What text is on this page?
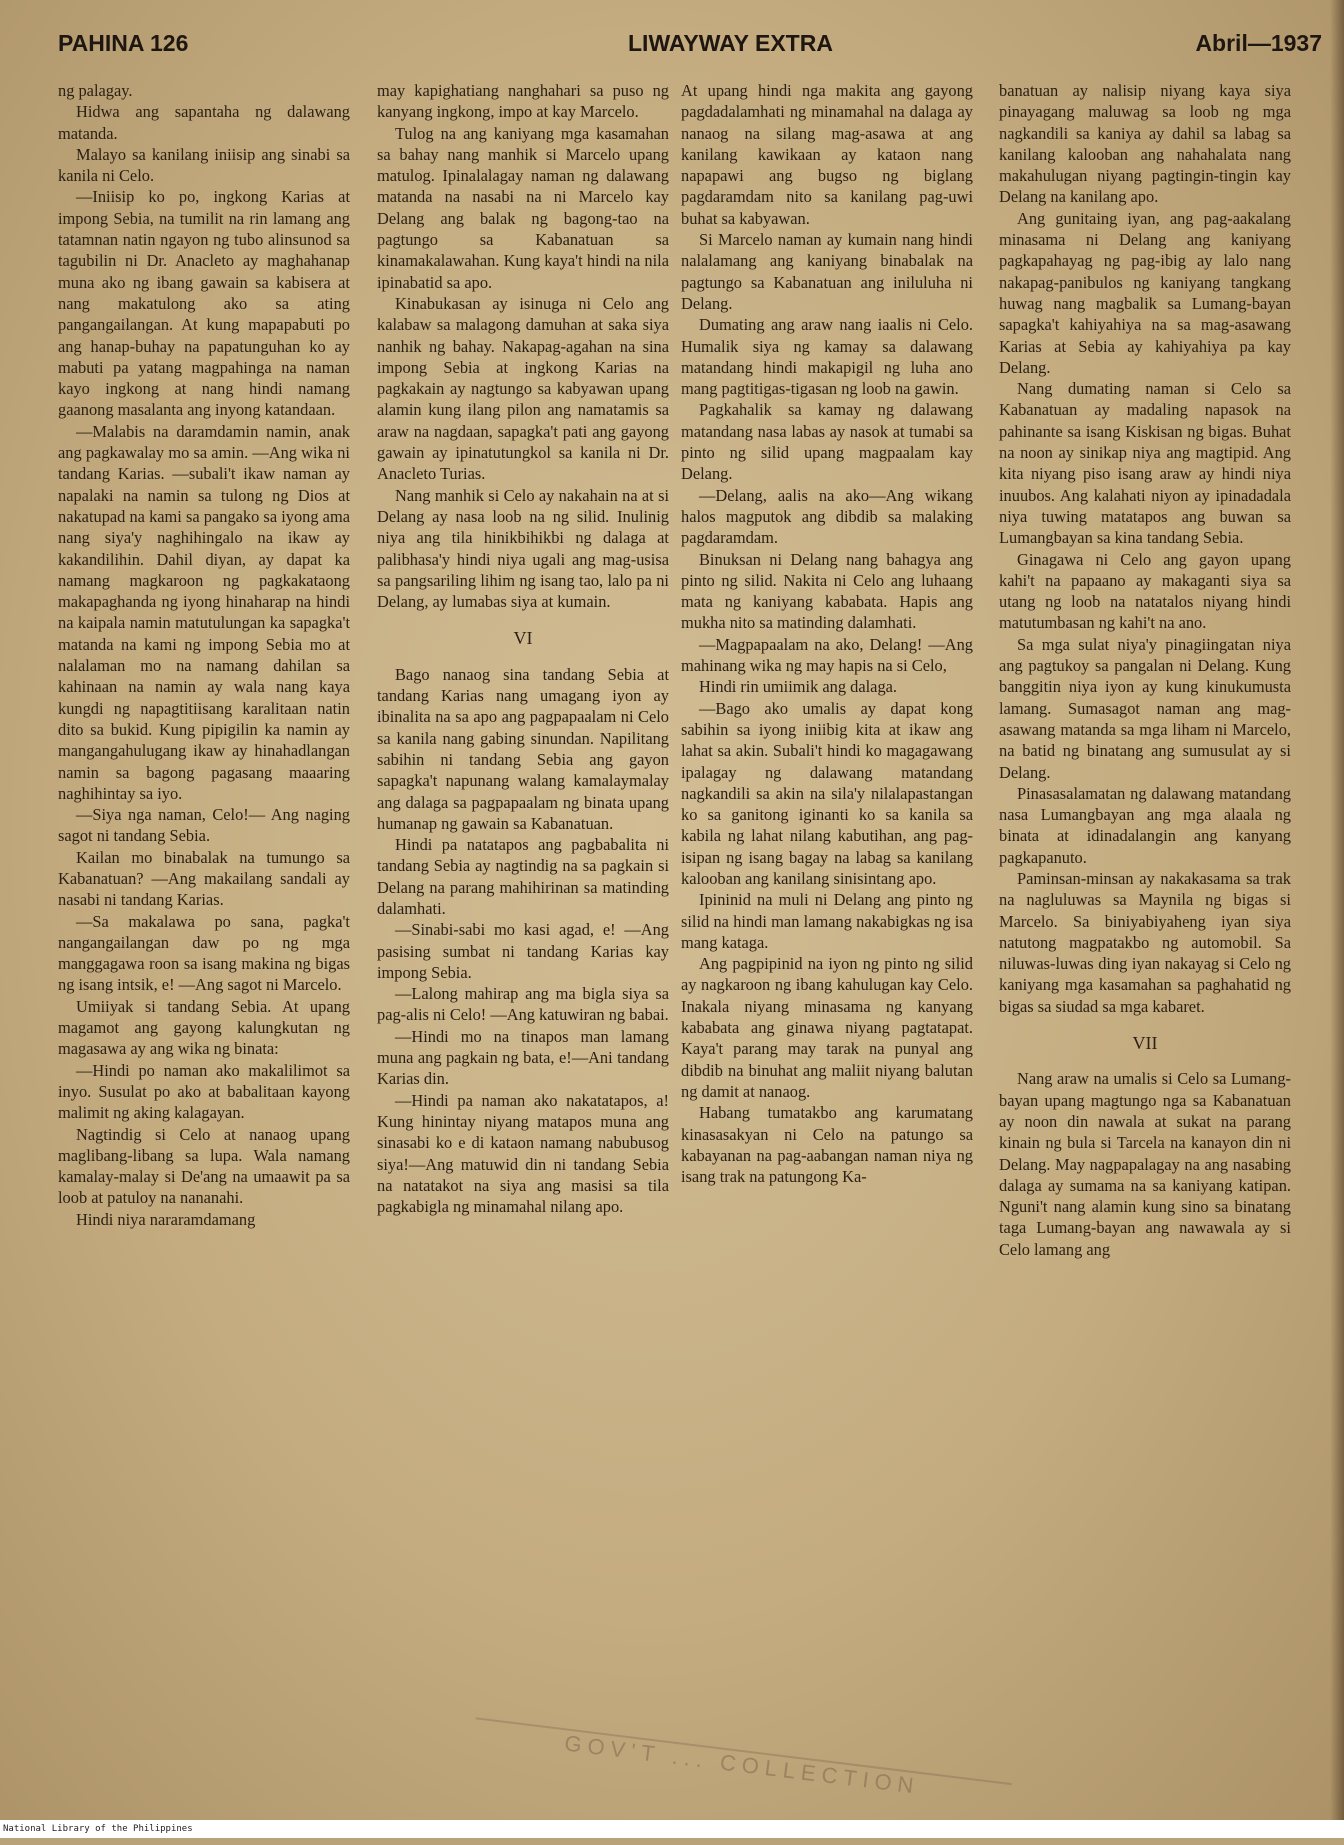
PAHINA 126	LIWAYWAY EXTRA	Abril—1937

ng palagay.

Hidwa ang sapantaha ng dalawang matanda.

Malayo sa kanilang iniisip ang sinabi sa kanila ni Celo.

—Iniisip ko po, ingkong Karias at impong Sebia, na tumilit na rin lamang ang tatamnan natin ngayon ng tubo alinsunod sa tagubilin ni Dr. Anacleto ay maghahanap muna ako ng ibang gawain sa kabisera at nang makatulong ako sa ating pangangailangan. At kung mapapabuti po ang hanap-buhay na papatunguhan ko ay mabuti pa yatang magpahinga na naman kayo ingkong at nang hindi namang gaanong masalanta ang inyong katandaan.

—Malabis na daramdamin namin, anak ang pagkawalay mo sa amin. —Ang wika ni tandang Karias. —subali't ikaw naman ay napalaki na namin sa tulong ng Dios at nakatupad na kami sa pangako sa iyong ama nang siya'y naghihingalo na ikaw ay kakandilihin. Dahil diyan, ay dapat ka namang magkaroon ng pagkakataong makapaghanda ng iyong hinaharap na hindi na kaipala namin matutulungan ka sapagka't matanda na kami ng impong Sebia mo at nalalaman mo na namang dahilan sa kahinaan na namin ay wala nang kaya kungdi ng napagtitiisang karalitaan natin dito sa bukid. Kung pipigilin ka namin ay mangangahulugang ikaw ay hinahadlangan namin sa bagong pagasang maaaring naghihintay sa iyo.

—Siya nga naman, Celo!— Ang naging sagot ni tandang Sebia.

Kailan mo binabalak na tumungo sa Kabanatuan? —Ang makailang sandali ay nasabi ni tandang Karias.

—Sa makalawa po sana, pagka't nangangailangan daw po ng mga manggagawa roon sa isang makina ng bigas ng isang intsik, e! —Ang sagot ni Marcelo.

Umiiyak si tandang Sebia. At upang magamot ang gayong kalungkutan ng magasawa ay ang wika ng binata:

—Hindi po naman ako makalilimot sa inyo. Susulat po ako at babalitaan kayong malimit ng aking kalagayan.

Nagtindig si Celo at nanaog upang maglibang-libang sa lupa. Wala namang kamalay-malay si De'ang na umaawit pa sa loob at patuloy na nananahi.

Hindi niya nararamdamang

may kapighatiang nanghahari sa puso ng kanyang ingkong, impo at kay Marcelo.

Tulog na ang kaniyang mga kasamahan sa bahay nang manhik si Marcelo upang matulog. Ipinalalagay naman ng dalawang matanda na nasabi na ni Marcelo kay Delang ang balak ng bagong-tao na pagtungo sa Kabanatuan sa kinamakalawahan. Kung kaya't hindi na nila ipinabatid sa apo.

Kinabukasan ay isinuga ni Celo ang kalabaw sa malagong damuhan at saka siya nanhik ng bahay. Nakapag-agahan na sina impong Sebia at ingkong Karias na pagkakain ay nagtungo sa kabyawan upang alamin kung ilang pilon ang namatamis sa araw na nagdaan, sapagka't pati ang gayong gawain ay ipinatutungkol sa kanila ni Dr. Anacleto Turias.

Nang manhik si Celo ay nakahain na at si Delang ay nasa loob na ng silid. Inulinig niya ang tila hinikbihikbi ng dalaga at palibhasa'y hindi niya ugali ang mag-usisa sa pangsariling lihim ng isang tao, lalo pa ni Delang, ay lumabas siya at kumain.

VI

Bago nanaog sina tandang Sebia at tandang Karias nang umagang iyon ay ibinalita na sa apo ang pagpapaalam ni Celo sa kanila nang gabing sinundan. Napilitang sabihin ni tandang Sebia ang gayon sapagka't napunang walang kamalaymalay ang dalaga sa pagpapaalam ng binata upang humanap ng gawain sa Kabanatuan.

Hindi pa natatapos ang pagbabalita ni tandang Sebia ay nagtindig na sa pagkain si Delang na parang mahihirinan sa matinding dalamhati.

—Sinabi-sabi mo kasi agad, e! —Ang pasising sumbat ni tandang Karias kay impong Sebia.

—Lalong mahirap ang ma bigla siya sa pag-alis ni Celo! —Ang katuwiran ng babai.

—Hindi mo na tinapos man lamang muna ang pagkain ng bata, e!—Ani tandang Karias din.

—Hindi pa naman ako nakatatapos, a! Kung hinintay niyang matapos muna ang sinasabi ko e di kataon namang nabubusog siya!—Ang matuwid din ni tandang Sebia na natatakot na siya ang masisi sa tila pagkabigla ng minamahal nilang apo.

At upang hindi nga makita ang gayong pagdadalamhati ng minamahal na dalaga ay nanaog na silang mag-asawa at ang kanilang kawikaan ay kataon nang napapawi ang bugso ng biglang pagdaramdam nito sa kanilang pag-uwi buhat sa kabyawan.

Si Marcelo naman ay kumain nang hindi nalalamang ang kaniyang binabalak na pagtungo sa Kabanatuan ang iniluluha ni Delang.

Dumating ang araw nang iaalis ni Celo. Humalik siya ng kamay sa dalawang matandang hindi makapigil ng luha ano mang pagtitigas-tigasan ng loob na gawin.

Pagkahalik sa kamay ng dalawang matandang nasa labas ay nasok at tumabi sa pinto ng silid upang magpaalam kay Delang.

—Delang, aalis na ako—Ang wikang halos magputok ang dibdib sa malaking pagdaramdam.

Binuksan ni Delang nang bahagya ang pinto ng silid. Nakita ni Celo ang luhaang mata ng kaniyang kababata. Hapis ang mukha nito sa matinding dalamhati.

—Magpapaalam na ako, Delang! —Ang mahinang wika ng may hapis na si Celo,

Hindi rin umiimik ang dalaga.

—Bago ako umalis ay dapat kong sabihin sa iyong iniibig kita at ikaw ang lahat sa akin. Subali't hindi ko magagawang ipalagay ng dalawang matandang nagkandili sa akin na sila'y nilalapastangan ko sa ganitong iginanti ko sa kanila sa kabila ng lahat nilang kabutihan, ang pag-isipan ng isang bagay na labag sa kanilang kalooban ang kanilang sinisintang apo.

Ipininid na muli ni Delang ang pinto ng silid na hindi man lamang nakabigkas ng isa mang kataga.

Ang pagpipinid na iyon ng pinto ng silid ay nagkaroon ng ibang kahulugan kay Celo. Inakala niyang minasama ng kanyang kababata ang ginawa niyang pagtatapat. Kaya't parang may tarak na punyal ang dibdib na binuhat ang maliit niyang balutan ng damit at nanaog.

Habang tumatakbo ang karumatang kinasasakyan ni Celo na patungo sa kabayanan na pag-aabangan naman niya ng isang trak na patungong Ka-

banatuan ay nalisip niyang kaya siya pinayagang maluwag sa loob ng mga nagkandili sa kaniya ay dahil sa labag sa kanilang kalooban ang nahahalata nang makahulugan niyang pagtingin-tingin kay Delang na kanilang apo.

Ang gunitaing iyan, ang pag-aakalang minasama ni Delang ang kaniyang pagkapahayag ng pag-ibig ay lalo nang nakapag-panibulos ng kaniyang tangkang huwag nang magbalik sa Lumang-bayan sapagka't kahiyahiya na sa mag-asawang Karias at Sebia ay kahiyahiya pa kay Delang.

Nang dumating naman si Celo sa Kabanatuan ay madaling napasok na pahinante sa isang Kiskisan ng bigas. Buhat na noon ay sinikap niya ang magtipid. Ang kita niyang piso isang araw ay hindi niya inuubos. Ang kalahati niyon ay ipinadadala niya tuwing matatapos ang buwan sa Lumangbayan sa kina tandang Sebia.

Ginagawa ni Celo ang gayon upang kahi't na papaano ay makaganti siya sa utang ng loob na natatalos niyang hindi matutumbasan ng kahi't na ano.

Sa mga sulat niya'y pinagiingatan niya ang pagtukoy sa pangalan ni Delang. Kung banggitin niya iyon ay kung kinukumusta lamang. Sumasagot naman ang mag-asawang matanda sa mga liham ni Marcelo, na batid ng binatang ang sumusulat ay si Delang.

Pinasasalamatan ng dalawang matandang nasa Lumangbayan ang mga alaala ng binata at idinadalangin ang kanyang pagkapanuto.

Paminsan-minsan ay nakakasama sa trak na nagluluwas sa Maynila ng bigas si Marcelo. Sa biniyabiyaheng iyan siya natutong magpatakbo ng automobil. Sa niluwas-luwas ding iyan nakayag si Celo ng kaniyang mga kasamahan sa paghahatid ng bigas sa siudad sa mga kabaret.

VII

Nang araw na umalis si Celo sa Lumang-bayan upang magtungo nga sa Kabanatuan ay noon din nawala at sukat na parang kinain ng bula si Tarcela na kanayon din ni Delang. May nagpapalagay na ang nasabing dalaga ay sumama na sa kaniyang katipan. Nguni't nang alamin kung sino sa binatang taga Lumang-bayan ang nawawala ay si Celo lamang ang

GOV'T ... COLLECTION
National Library of the Philippines
